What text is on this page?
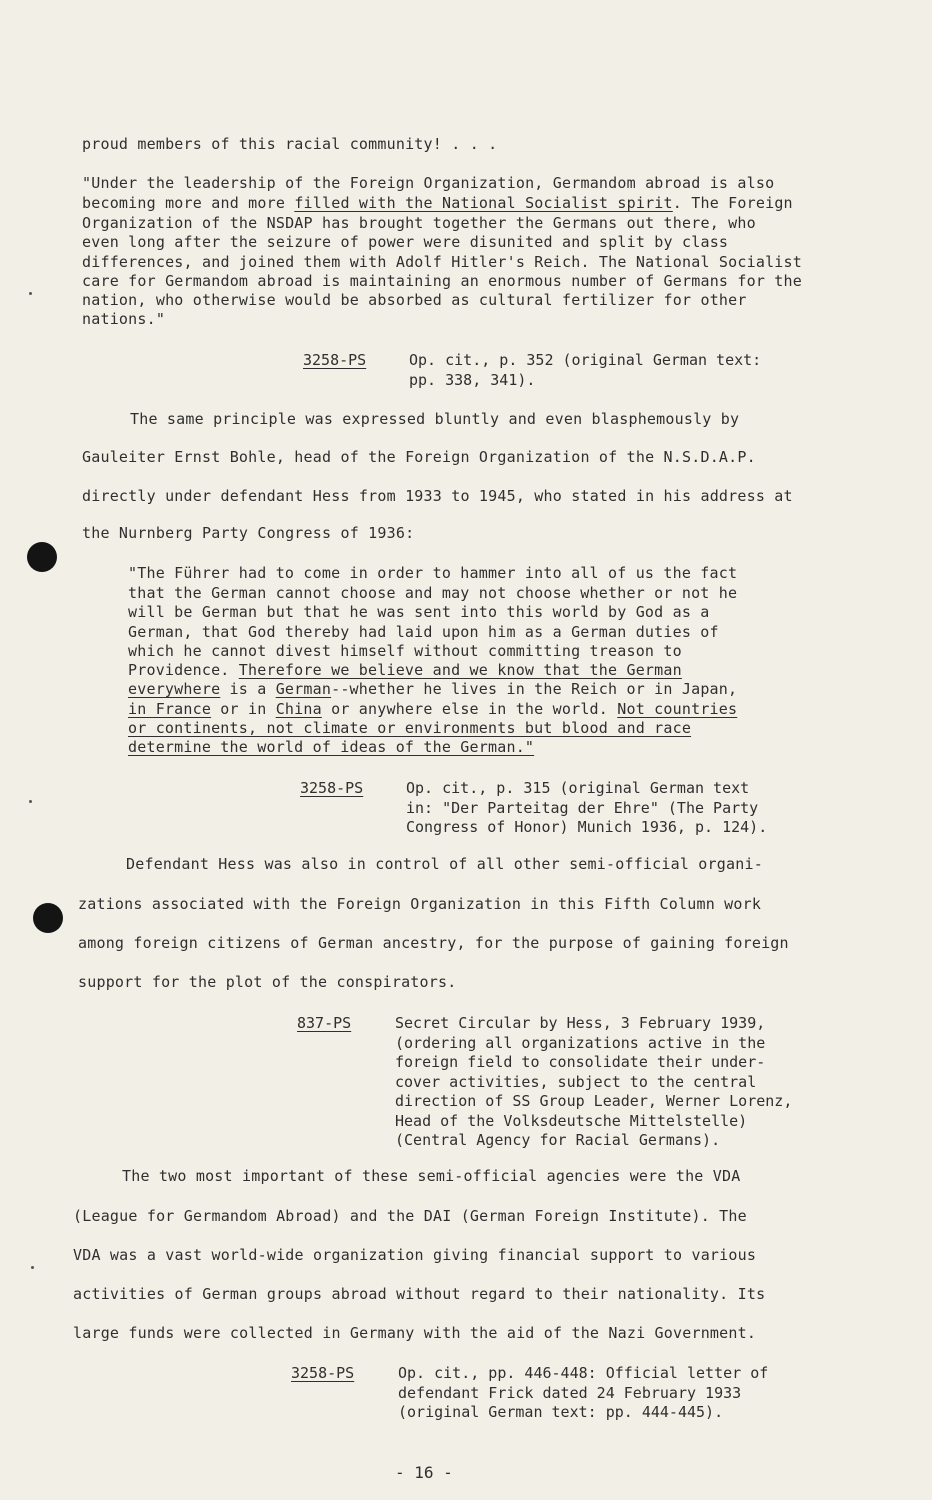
proud members of this racial community! . . .
"Under the leadership of the Foreign Organization, Germandom abroad is also
becoming more and more filled with the National Socialist spirit. The Foreign
Organization of the NSDAP has brought together the Germans out there, who
even long after the seizure of power were disunited and split by class
differences, and joined them with Adolf Hitler's Reich. The National Socialist
care for Germandom abroad is maintaining an enormous number of Germans for the
nation, who otherwise would be absorbed as cultural fertilizer for other
nations."
3258-PS	Op. cit., p. 352 (original German text:
pp. 338, 341).
The same principle was expressed bluntly and even blasphemously by
Gauleiter Ernst Bohle, head of the Foreign Organization of the N.S.D.A.P.
directly under defendant Hess from 1933 to 1945, who stated in his address at
the Nurnberg Party Congress of 1936:
"The Führer had to come in order to hammer into all of us the fact
that the German cannot choose and may not choose whether or not he
will be German but that he was sent into this world by God as a
German, that God thereby had laid upon him as a German duties of
which he cannot divest himself without committing treason to
Providence. Therefore we believe and we know that the German
everywhere is a German--whether he lives in the Reich or in Japan,
in France or in China or anywhere else in the world. Not countries
or continents, not climate or environments but blood and race
determine the world of ideas of the German."
3258-PS	Op. cit., p. 315 (original German text
in: "Der Parteitag der Ehre" (The Party
Congress of Honor) Munich 1936, p. 124).
Defendant Hess was also in control of all other semi-official organi-
zations associated with the Foreign Organization in this Fifth Column work
among foreign citizens of German ancestry, for the purpose of gaining foreign
support for the plot of the conspirators.
837-PS	Secret Circular by Hess, 3 February 1939,
(ordering all organizations active in the
foreign field to consolidate their under-
cover activities, subject to the central
direction of SS Group Leader, Werner Lorenz,
Head of the Volksdeutsche Mittelstelle)
(Central Agency for Racial Germans).
The two most important of these semi-official agencies were the VDA
(League for Germandom Abroad) and the DAI (German Foreign Institute). The
VDA was a vast world-wide organization giving financial support to various
activities of German groups abroad without regard to their nationality. Its
large funds were collected in Germany with the aid of the Nazi Government.
3258-PS	Op. cit., pp. 446-448: Official letter of
defendant Frick dated 24 February 1933
(original German text: pp. 444-445).
- 16 -
